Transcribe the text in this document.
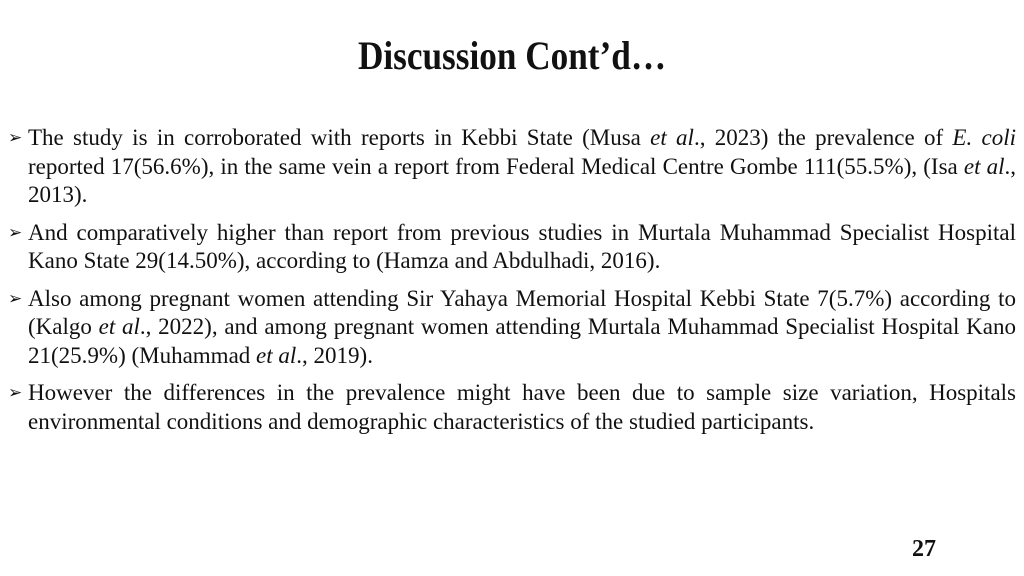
Discussion Cont’d…

➢ The study is in corroborated with reports in Kebbi State (Musa et al., 2023) the prevalence of E. coli reported 17(56.6%), in the same vein a report from Federal Medical Centre Gombe 111(55.5%), (Isa et al., 2013).

➢ And comparatively higher than report from previous studies in Murtala Muhammad Specialist Hospital Kano State 29(14.50%), according to (Hamza and Abdulhadi, 2016).

➢ Also among pregnant women attending Sir Yahaya Memorial Hospital Kebbi State 7(5.7%) according to (Kalgo et al., 2022), and among pregnant women attending Murtala Muhammad Specialist Hospital Kano 21(25.9%) (Muhammad et al., 2019).

➢ However the differences in the prevalence might have been due to sample size variation, Hospitals environmental conditions and demographic characteristics of the studied participants.

27
